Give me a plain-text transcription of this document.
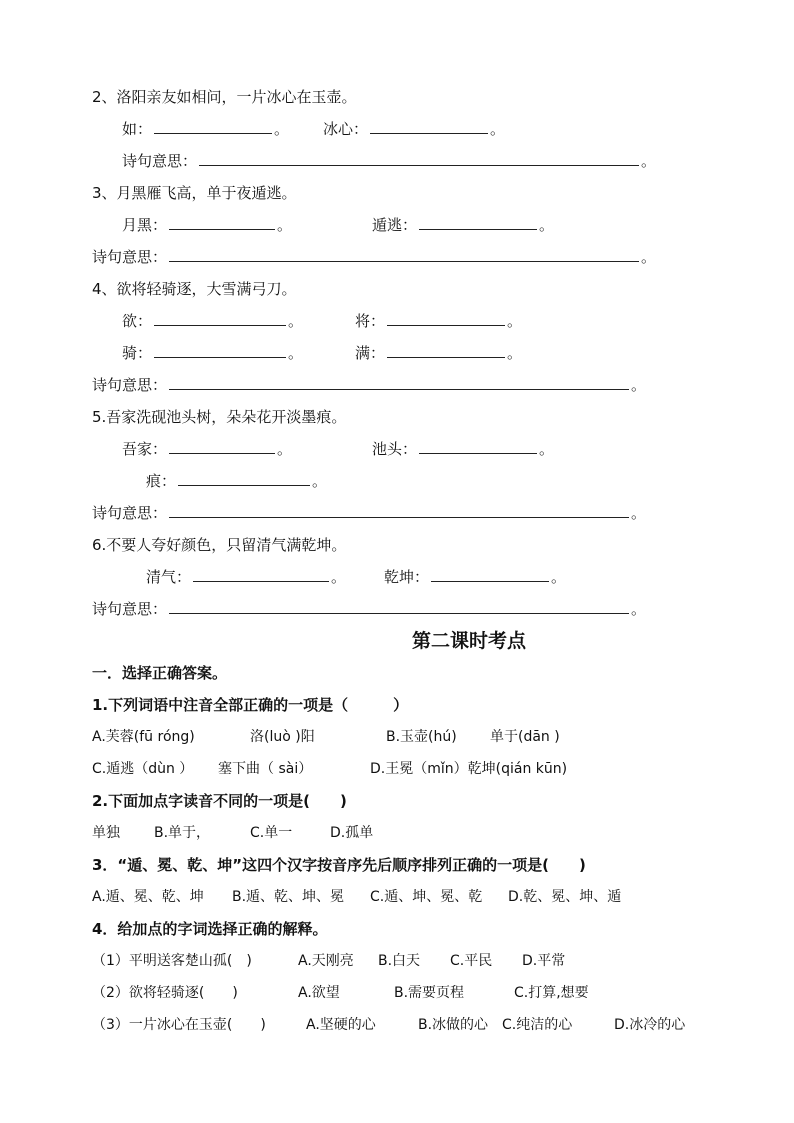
2、洛阳亲友如相问，一片冰心在玉壶。
如：	。 冰心：	。
诗句意思：	。
3、月黑雁飞高，单于夜遁逃。
月黑：	。	遁逃：	。
诗句意思：	。
4、欲将轻骑逐，大雪满弓刀。
欲：	。	将：	。
骑：	。	满：	。
诗句意思：	。
5.吾家洗砚池头树，朵朵花开淡墨痕。
吾家：	。	池头：	。
痕：	。
诗句意思：	。
6.不要人夸好颜色，只留清气满乾坤。
清气：	。	乾坤：	。
诗句意思：	。
第二课时考点
一．选择正确答案。
1.下列词语中注音全部正确的一项是（　　　）
A.芙蓉(fū róng)	洛(luò )阳	B.玉壶(hú) 单于(dān )
C.遁逃（dùn ） 塞下曲（ sài）	D.王冕（mǐn）乾坤(qián kūn)
2.下面加点字读音不同的一项是(　　)
单独 B.单于，	C.单一	D.孤单
3．“遁、冕、乾、坤”这四个汉字按音序先后顺序排列正确的一项是(　　)
A.遁、冕、乾、坤 B.遁、乾、坤、冕 C.遁、坤、冕、乾 D.乾、冕、坤、遁
4．给加点的字词选择正确的解释。
（1）平明送客楚山孤(　)	A.天刚亮 B.白天 C.平民 D.平常
（2）欲将轻骑逐(　　)	A.欲望	B.需要页程	C.打算,想要
（3）一片冰心在玉壶(　　)	A.坚硬的心	B.冰做的心 C.纯洁的心	D.冰冷的心
